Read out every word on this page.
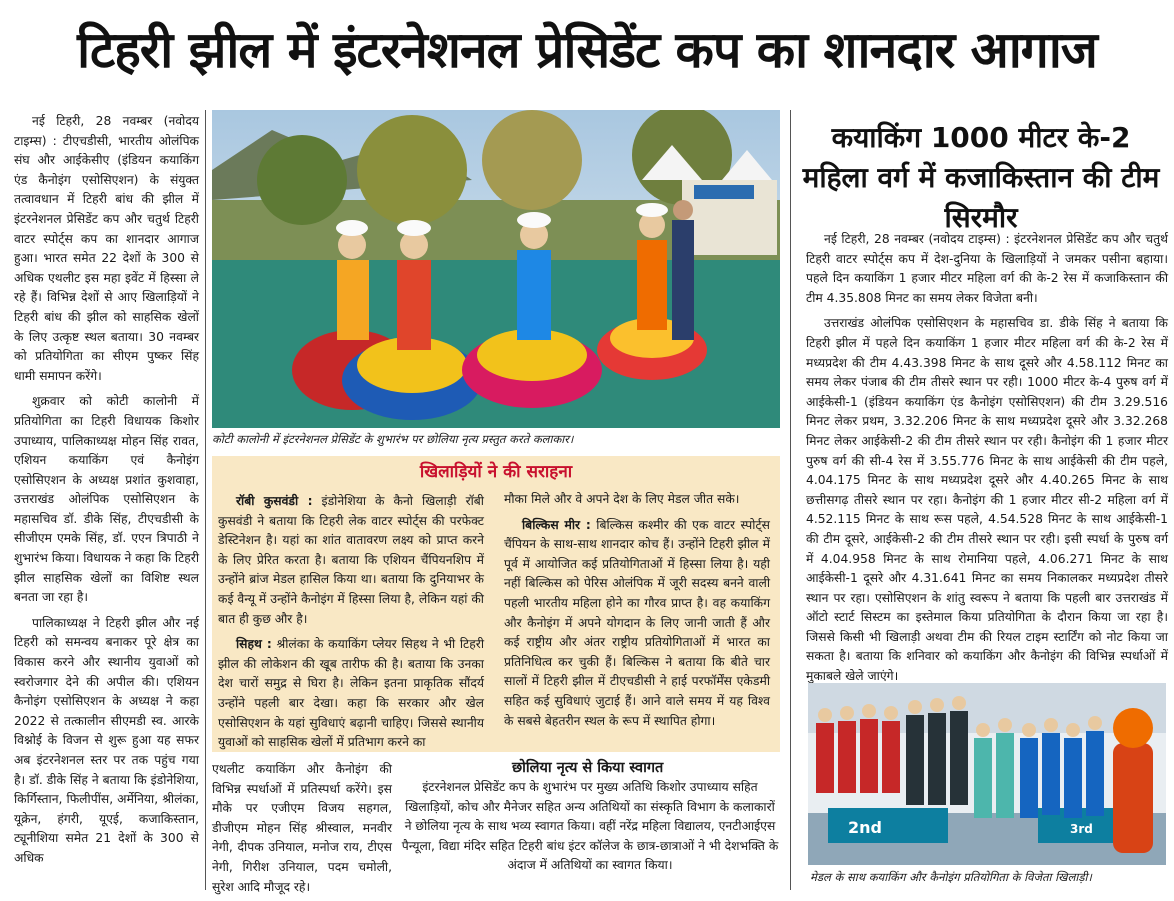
टिहरी झील में इंटरनेशनल प्रेसिडेंट कप का शानदार आगाज

नई टिहरी, 28 नवम्बर (नवोदय टाइम्स) : टीएचडीसी, भारतीय ओलंपिक संघ और आईकेसीए (इंडियन कयाकिंग एंड कैनोइंग एसोसिएशन) के संयुक्त तत्वावधान में टिहरी बांध की झील में इंटरनेशनल प्रेसिडेंट कप और चतुर्थ टिहरी वाटर स्पोर्ट्स कप का शानदार आगाज हुआ। भारत समेत 22 देशों के 300 से अधिक एथलीट इस महा इवेंट में हिस्सा ले रहे हैं। विभिन्न देशों से आए खिलाड़ियों ने टिहरी बांध की झील को साहसिक खेलों के लिए उत्कृष्ट स्थल बताया। 30 नवम्बर को प्रतियोगिता का सीएम पुष्कर सिंह धामी समापन करेंगे।

शुक्रवार को कोटी कालोनी में प्रतियोगिता का टिहरी विधायक किशोर उपाध्याय, पालिकाध्यक्ष मोहन सिंह रावत, एशियन कयाकिंग एवं कैनोइंग एसोसिएशन के अध्यक्ष प्रशांत कुशवाहा, उत्तराखंड ओलंपिक एसोसिएशन के महासचिव डॉ. डीके सिंह, टीएचडीसी के सीजीएम एमके सिंह, डॉ. एएन त्रिपाठी ने शुभारंभ किया। विधायक ने कहा कि टिहरी झील साहसिक खेलों का विशिष्ट स्थल बनता जा रहा है।

पालिकाध्यक्ष ने टिहरी झील और नई टिहरी को समन्वय बनाकर पूरे क्षेत्र का विकास करने और स्थानीय युवाओं को स्वरोजगार देने की अपील की। एशियन कैनोइंग एसोसिएशन के अध्यक्ष ने कहा 2022 से तत्कालीन सीएमडी स्व. आरके विश्नोई के विजन से शुरू हुआ यह सफर अब इंटरनेशनल स्तर पर तक पहुंच गया है। डॉ. डीके सिंह ने बताया कि इंडोनेशिया, किर्गिस्तान, फिलीपींस, अर्मेनिया, श्रीलंका, यूक्रेन, हंगरी, यूएई, कजाकिस्तान, ट्यूनीशिया समेत 21 देशों के 300 से अधिक

कोटी कालोनी में इंटरनेशनल प्रेसिडेंट के शुभारंभ पर छोलिया नृत्य प्रस्तुत करते कलाकार।
खिलाड़ियों ने की सराहना

रॉबी कुसवंडी : इंडोनेशिया के कैनो खिलाड़ी रॉबी कुसवंडी ने बताया कि टिहरी लेक वाटर स्पोर्ट्स की परफेक्ट डेस्टिनेशन है। यहां का शांत वातावरण लक्ष्य को प्राप्त करने के लिए प्रेरित करता है। बताया कि एशियन चैंपियनशिप में उन्होंने ब्रांज मेडल हासिल किया था। बताया कि दुनियाभर के कई वैन्यू में उन्होंने कैनोइंग में हिस्सा लिया है, लेकिन यहां की बात ही कुछ और है।

सिहथ : श्रीलंका के कयाकिंग प्लेयर सिहथ ने भी टिहरी झील की लोकेशन की खूब तारीफ की है। बताया कि उनका देश चारों समुद्र से घिरा है। लेकिन इतना प्राकृतिक सौंदर्य उन्होंने पहली बार देखा। कहा कि सरकार और खेल एसोसिएशन के यहां सुविधाएं बढ़ानी चाहिए। जिससे स्थानीय युवाओं को साहसिक खेलों में प्रतिभाग करने का

मौका मिले और वे अपने देश के लिए मेडल जीत सके।

बिल्किस मीर : बिल्किस कश्मीर की एक वाटर स्पोर्ट्स चैंपियन के साथ-साथ शानदार कोच हैं। उन्होंने टिहरी झील में पूर्व में आयोजित कई प्रतियोगिताओं में हिस्सा लिया है। यही नहीं बिल्किस को पेरिस ओलंपिक में जूरी सदस्य बनने वाली पहली भारतीय महिला होने का गौरव प्राप्त है। वह कयाकिंग और कैनोइंग में अपने योगदान के लिए जानी जाती हैं और कई राष्ट्रीय और अंतर राष्ट्रीय प्रतियोगिताओं में भारत का प्रतिनिधित्व कर चुकी हैं। बिल्किस ने बताया कि बीते चार सालों में टिहरी झील में टीएचडीसी ने हाई परफॉर्मेंस एकेडमी सहित कई सुविधाएं जुटाई हैं। आने वाले समय में यह विश्व के सबसे बेहतरीन स्थल के रूप में स्थापित होगा।

एथलीट कयाकिंग और कैनोइंग की विभिन्न स्पर्धाओं में प्रतिस्पर्धा करेंगे। इस मौके पर एजीएम विजय सहगल, डीजीएम मोहन सिंह श्रीस्वाल, मनवीर नेगी, दीपक उनियाल, मनोज राय, टीएस नेगी, गिरीश उनियाल, पदम चमोली, सुरेश आदि मौजूद रहे।

छोलिया नृत्य से किया स्वागत

इंटरनेशनल प्रेसिडेंट कप के शुभारंभ पर मुख्य अतिथि किशोर उपाध्याय सहित खिलाड़ियों, कोच और मैनेजर सहित अन्य अतिथियों का संस्कृति विभाग के कलाकारों ने छोलिया नृत्य के साथ भव्य स्वागत किया। वहीं नरेंद्र महिला विद्यालय, एनटीआईएस पैन्यूला, विद्या मंदिर सहित टिहरी बांध इंटर कॉलेज के छात्र-छात्राओं ने भी देशभक्ति के अंदाज में अतिथियों का स्वागत किया।

कयाकिंग 1000 मीटर के-2 महिला वर्ग में कजाकिस्तान की टीम सिरमौर

नई टिहरी, 28 नवम्बर (नवोदय टाइम्स) : इंटरनेशनल प्रेसिडेंट कप और चतुर्थ टिहरी वाटर स्पोर्ट्स कप में देश-दुनिया के खिलाड़ियों ने जमकर पसीना बहाया। पहले दिन कयाकिंग 1 हजार मीटर महिला वर्ग की के-2 रेस में कजाकिस्तान की टीम 4.35.808 मिनट का समय लेकर विजेता बनी।

उत्तराखंड ओलंपिक एसोसिएशन के महासचिव डा. डीके सिंह ने बताया कि टिहरी झील में पहले दिन कयाकिंग 1 हजार मीटर महिला वर्ग की के-2 रेस में मध्यप्रदेश की टीम 4.43.398 मिनट के साथ दूसरे और 4.58.112 मिनट का समय लेकर पंजाब की टीम तीसरे स्थान पर रही। 1000 मीटर के-4 पुरुष वर्ग में आईकेसी-1 (इंडियन कयाकिंग एंड कैनोइंग एसोसिएशन) की टीम 3.29.516 मिनट लेकर प्रथम, 3.32.206 मिनट के साथ मध्यप्रदेश दूसरे और 3.32.268 मिनट लेकर आईकेसी-2 की टीम तीसरे स्थान पर रही। कैनोइंग की 1 हजार मीटर पुरुष वर्ग की सी-4 रेस में 3.55.776 मिनट के साथ आईकेसी की टीम पहले, 4.04.175 मिनट के साथ मध्यप्रदेश दूसरे और 4.40.265 मिनट के साथ छत्तीसगढ़ तीसरे स्थान पर रहा। कैनोइंग की 1 हजार मीटर सी-2 महिला वर्ग में 4.52.115 मिनट के साथ रूस पहले, 4.54.528 मिनट के साथ आईकेसी-1 की टीम दूसरे, आईकेसी-2 की टीम तीसरे स्थान पर रही। इसी स्पर्धा के पुरुष वर्ग में 4.04.958 मिनट के साथ रोमानिया पहले, 4.06.271 मिनट के साथ आईकेसी-1 दूसरे और 4.31.641 मिनट का समय निकालकर मध्यप्रदेश तीसरे स्थान पर रहा। एसोसिएशन के शांतु स्वरूप ने बताया कि पहली बार उत्तराखंड में ऑटो स्टार्ट सिस्टम का इस्तेमाल किया प्रतियोगिता के दौरान किया जा रहा है। जिससे किसी भी खिलाड़ी अथवा टीम की रियल टाइम स्टार्टिंग को नोट किया जा सकता है। बताया कि शनिवार को कयाकिंग और कैनोइंग की विभिन्न स्पर्धाओं में मुकाबले खेले जाएंगे।

2nd	3rd
मेडल के साथ कयाकिंग और कैनोइंग प्रतियोगिता के विजेता खिलाड़ी।
